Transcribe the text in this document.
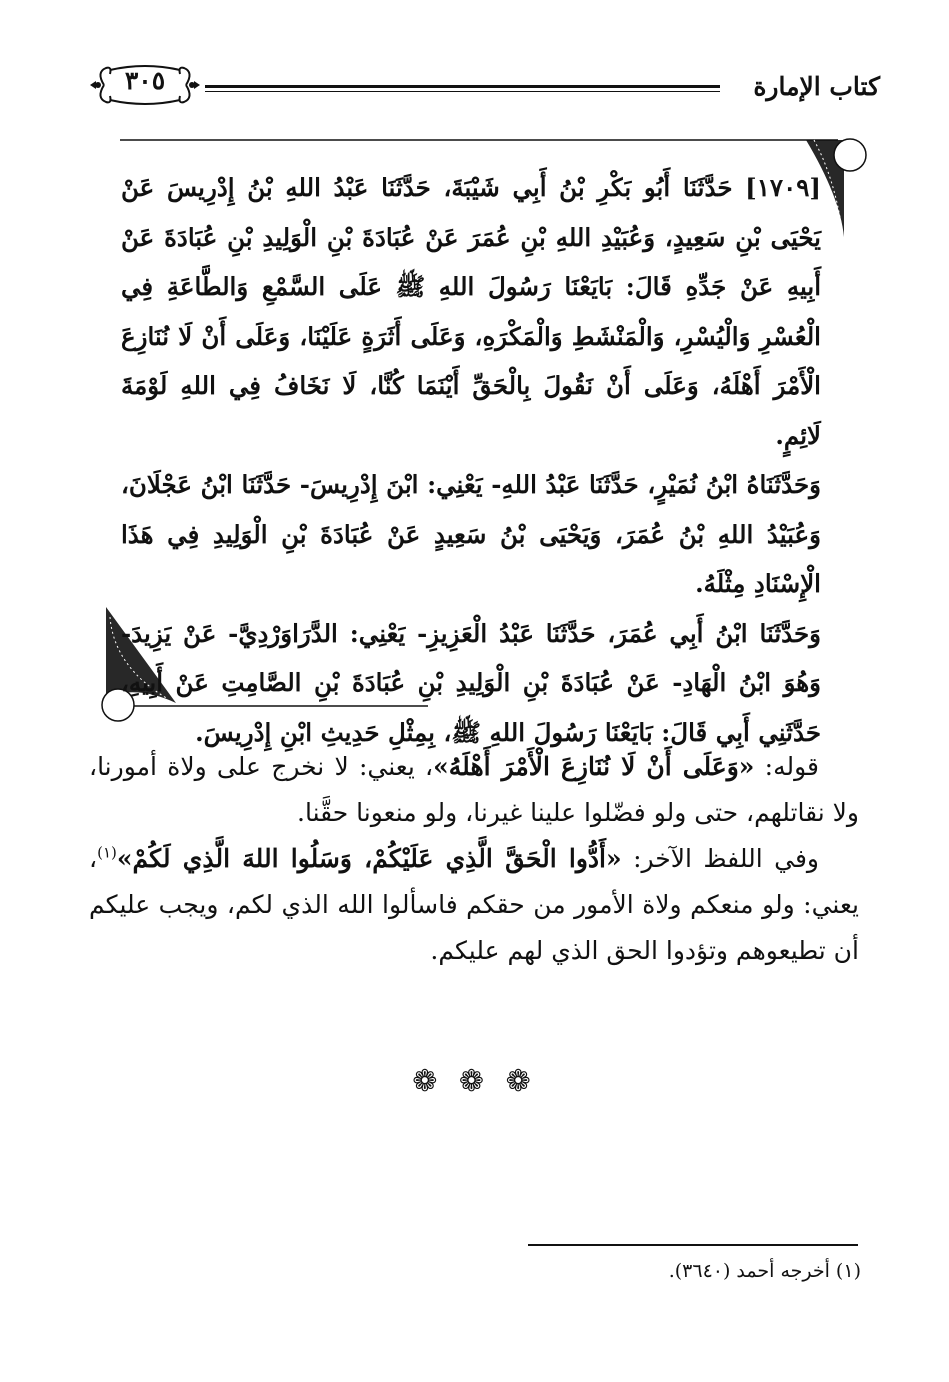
كتاب الإمارة
٣٠٥

[١٧٠٩] حَدَّثَنَا أَبُو بَكْرِ بْنُ أَبِي شَيْبَةَ، حَدَّثَنَا عَبْدُ اللهِ بْنُ إِدْرِيسَ عَنْ يَحْيَى بْنِ سَعِيدٍ، وَعُبَيْدِ اللهِ بْنِ عُمَرَ عَنْ عُبَادَةَ بْنِ الْوَلِيدِ بْنِ عُبَادَةَ عَنْ أَبِيهِ عَنْ جَدِّهِ قَالَ: بَايَعْنَا رَسُولَ اللهِ ﷺ عَلَى السَّمْعِ وَالطَّاعَةِ فِي الْعُسْرِ وَالْيُسْرِ، وَالْمَنْشَطِ وَالْمَكْرَهِ، وَعَلَى أَثَرَةٍ عَلَيْنَا، وَعَلَى أَنْ لَا نُنَازِعَ الْأَمْرَ أَهْلَهُ، وَعَلَى أَنْ نَقُولَ بِالْحَقِّ أَيْنَمَا كُنَّا، لَا نَخَافُ فِي اللهِ لَوْمَةَ لَائِمٍ.

وَحَدَّثَنَاهُ ابْنُ نُمَيْرٍ، حَدَّثَنَا عَبْدُ اللهِ- يَعْنِي: ابْنَ إِدْرِيسَ- حَدَّثَنَا ابْنُ عَجْلَانَ، وَعُبَيْدُ اللهِ بْنُ عُمَرَ، وَيَحْيَى بْنُ سَعِيدٍ عَنْ عُبَادَةَ بْنِ الْوَلِيدِ فِي هَذَا الْإِسْنَادِ مِثْلَهُ.

وَحَدَّثَنَا ابْنُ أَبِي عُمَرَ، حَدَّثَنَا عَبْدُ الْعَزِيزِ- يَعْنِي: الدَّرَاوَرْدِيَّ- عَنْ يَزِيدَ- وَهُوَ ابْنُ الْهَادِ- عَنْ عُبَادَةَ بْنِ الْوَلِيدِ بْنِ عُبَادَةَ بْنِ الصَّامِتِ عَنْ أَبِيهِ، حَدَّثَنِي أَبِي قَالَ: بَايَعْنَا رَسُولَ اللهِ ﷺ، بِمِثْلِ حَدِيثِ ابْنِ إِدْرِيسَ.

قوله: «وَعَلَى أَنْ لَا نُنَازِعَ الْأَمْرَ أَهْلَهُ»، يعني: لا نخرج على ولاة أمورنا، ولا نقاتلهم، حتى ولو فضّلوا علينا غيرنا، ولو منعونا حقَّنا.

وفي اللفظ الآخر: «أَدُّوا الْحَقَّ الَّذِي عَلَيْكُمْ، وَسَلُوا اللهَ الَّذِي لَكُمْ»$^{(١)}$، يعني: ولو منعكم ولاة الأمور من حقكم فاسألوا الله الذي لكم، ويجب عليكم أن تطيعوهم وتؤدوا الحق الذي لهم عليكم.

❁ ❁ ❁
(١) أخرجه أحمد (٣٦٤٠).
